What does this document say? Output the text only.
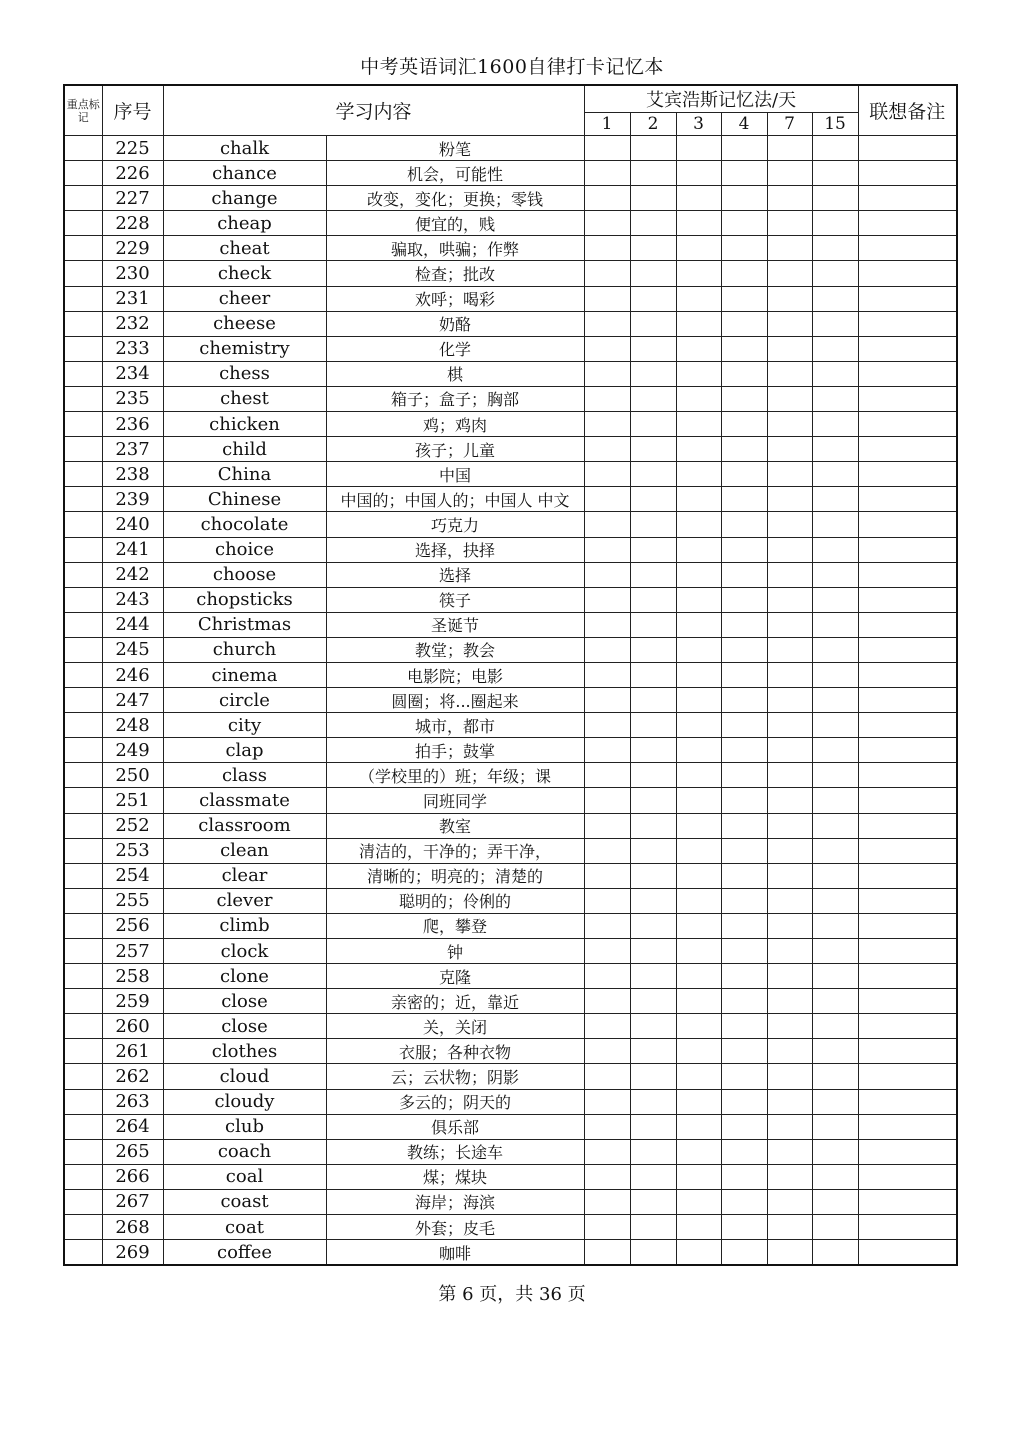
中考英语词汇1600自律打卡记忆本
重点标记	序号	学习内容		艾宾浩斯记忆法/天						联想备注
				1	2	3	4	7	15	
	225	chalk	粉笔							
	226	chance	机会，可能性							
	227	change	改变，变化；更换；零钱							
	228	cheap	便宜的，贱							
	229	cheat	骗取，哄骗；作弊							
	230	check	检查；批改							
	231	cheer	欢呼；喝彩							
	232	cheese	奶酪							
	233	chemistry	化学							
	234	chess	棋							
	235	chest	箱子；盒子；胸部							
	236	chicken	鸡；鸡肉							
	237	child	孩子；儿童							
	238	China	中国							
	239	Chinese	中国的；中国人的；中国人 中文							
	240	chocolate	巧克力							
	241	choice	选择，抉择							
	242	choose	选择							
	243	chopsticks	筷子							
	244	Christmas	圣诞节							
	245	church	教堂；教会							
	246	cinema	电影院；电影							
	247	circle	圆圈；将...圈起来							
	248	city	城市，都市							
	249	clap	拍手；鼓掌							
	250	class	（学校里的）班；年级；课							
	251	classmate	同班同学							
	252	classroom	教室							
	253	clean	清洁的，干净的；弄干净，							
	254	clear	清晰的；明亮的；清楚的							
	255	clever	聪明的；伶俐的							
	256	climb	爬，攀登							
	257	clock	钟							
	258	clone	克隆							
	259	close	亲密的；近，靠近							
	260	close	关，关闭							
	261	clothes	衣服；各种衣物							
	262	cloud	云；云状物；阴影							
	263	cloudy	多云的；阴天的							
	264	club	俱乐部							
	265	coach	教练；长途车							
	266	coal	煤；煤块							
	267	coast	海岸；海滨							
	268	coat	外套；皮毛							
	269	coffee	咖啡							
第 6 页，共 36 页
